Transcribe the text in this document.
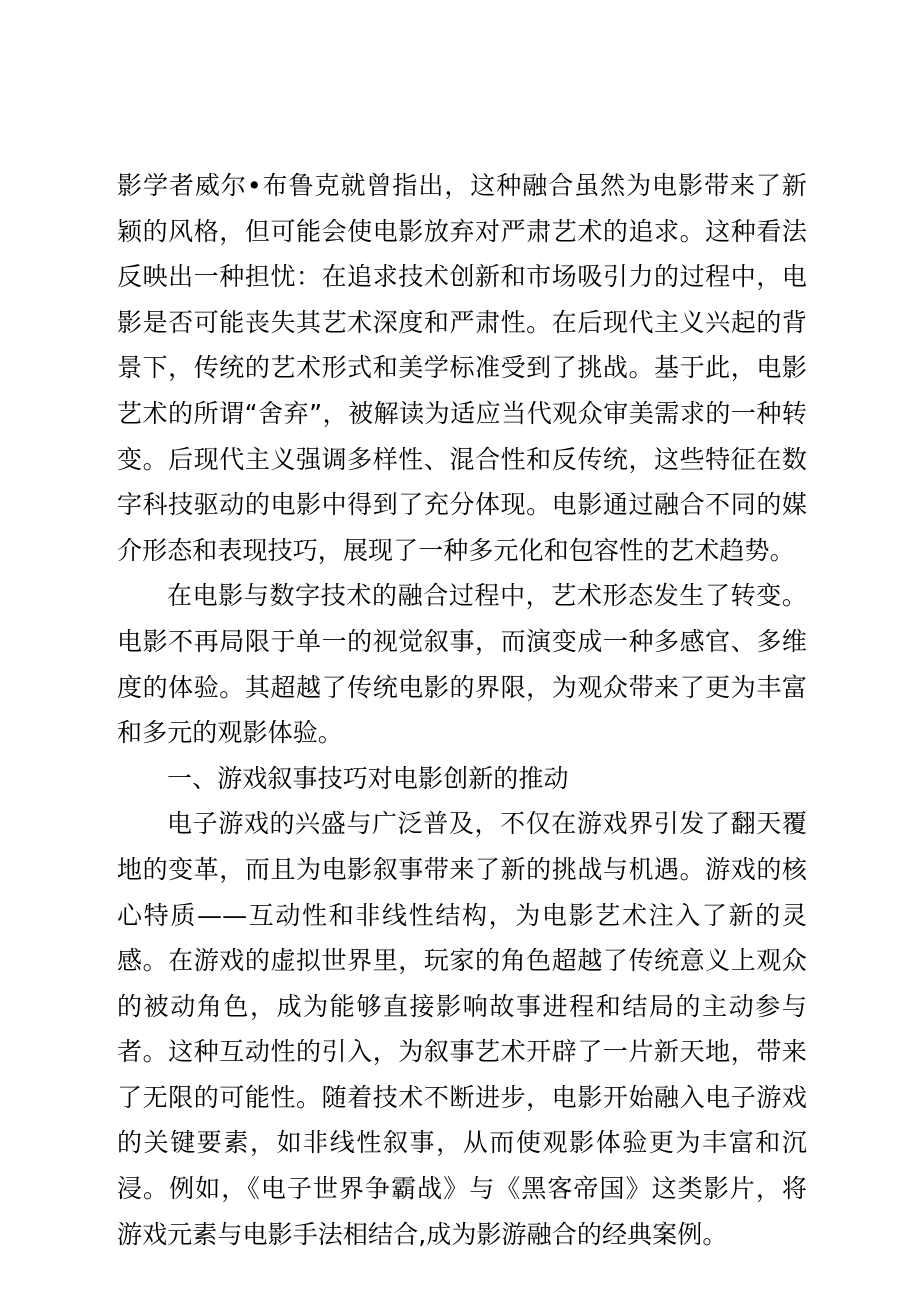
影学者威尔•布鲁克就曾指出，这种融合虽然为电影带来了新颖的风格，但可能会使电影放弃对严肃艺术的追求。这种看法反映出一种担忧：在追求技术创新和市场吸引力的过程中，电影是否可能丧失其艺术深度和严肃性。在后现代主义兴起的背景下，传统的艺术形式和美学标准受到了挑战。基于此，电影艺术的所谓“舍弃”，被解读为适应当代观众审美需求的一种转变。后现代主义强调多样性、混合性和反传统，这些特征在数字科技驱动的电影中得到了充分体现。电影通过融合不同的媒介形态和表现技巧，展现了一种多元化和包容性的艺术趋势。

在电影与数字技术的融合过程中，艺术形态发生了转变。电影不再局限于单一的视觉叙事，而演变成一种多感官、多维度的体验。其超越了传统电影的界限，为观众带来了更为丰富和多元的观影体验。

一、游戏叙事技巧对电影创新的推动

电子游戏的兴盛与广泛普及，不仅在游戏界引发了翻天覆地的变革，而且为电影叙事带来了新的挑战与机遇。游戏的核心特质——互动性和非线性结构，为电影艺术注入了新的灵感。在游戏的虚拟世界里，玩家的角色超越了传统意义上观众的被动角色，成为能够直接影响故事进程和结局的主动参与者。这种互动性的引入，为叙事艺术开辟了一片新天地，带来了无限的可能性。随着技术不断进步，电影开始融入电子游戏的关键要素，如非线性叙事，从而使观影体验更为丰富和沉浸。例如，《电子世界争霸战》与《黑客帝国》这类影片，将游戏元素与电影手法相结合,成为影游融合的经典案例。
